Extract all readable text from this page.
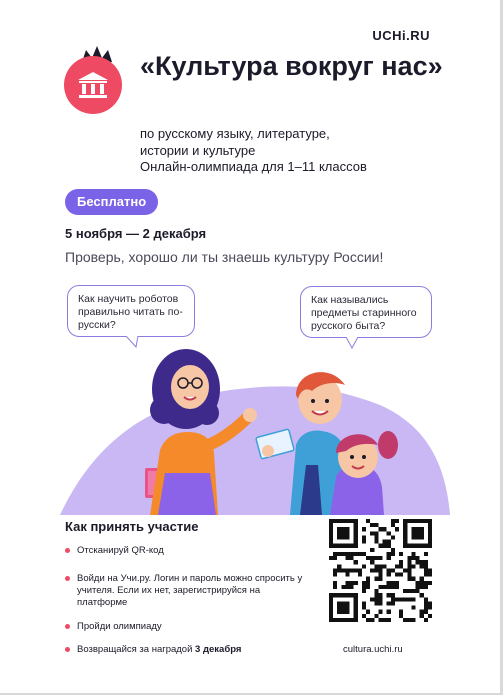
UCHi.RU
«Культура вокруг нас»
по русскому языку, литературе,
истории и культуре
Онлайн-олимпиада для 1–11 классов
Бесплатно
5 ноября — 2 декабря
Проверь, хорошо ли ты знаешь культуру России!
Как научить роботов правильно читать по-русски?
Как назывались предметы старинного русского быта?
Как принять участие
Отсканируй QR-код
Войди на Учи.ру. Логин и пароль можно спросить у учителя. Если их нет, зарегистрируйся на платформе
Пройди олимпиаду
Возвращайся за наградой 3 декабря	cultura.uchi.ru
